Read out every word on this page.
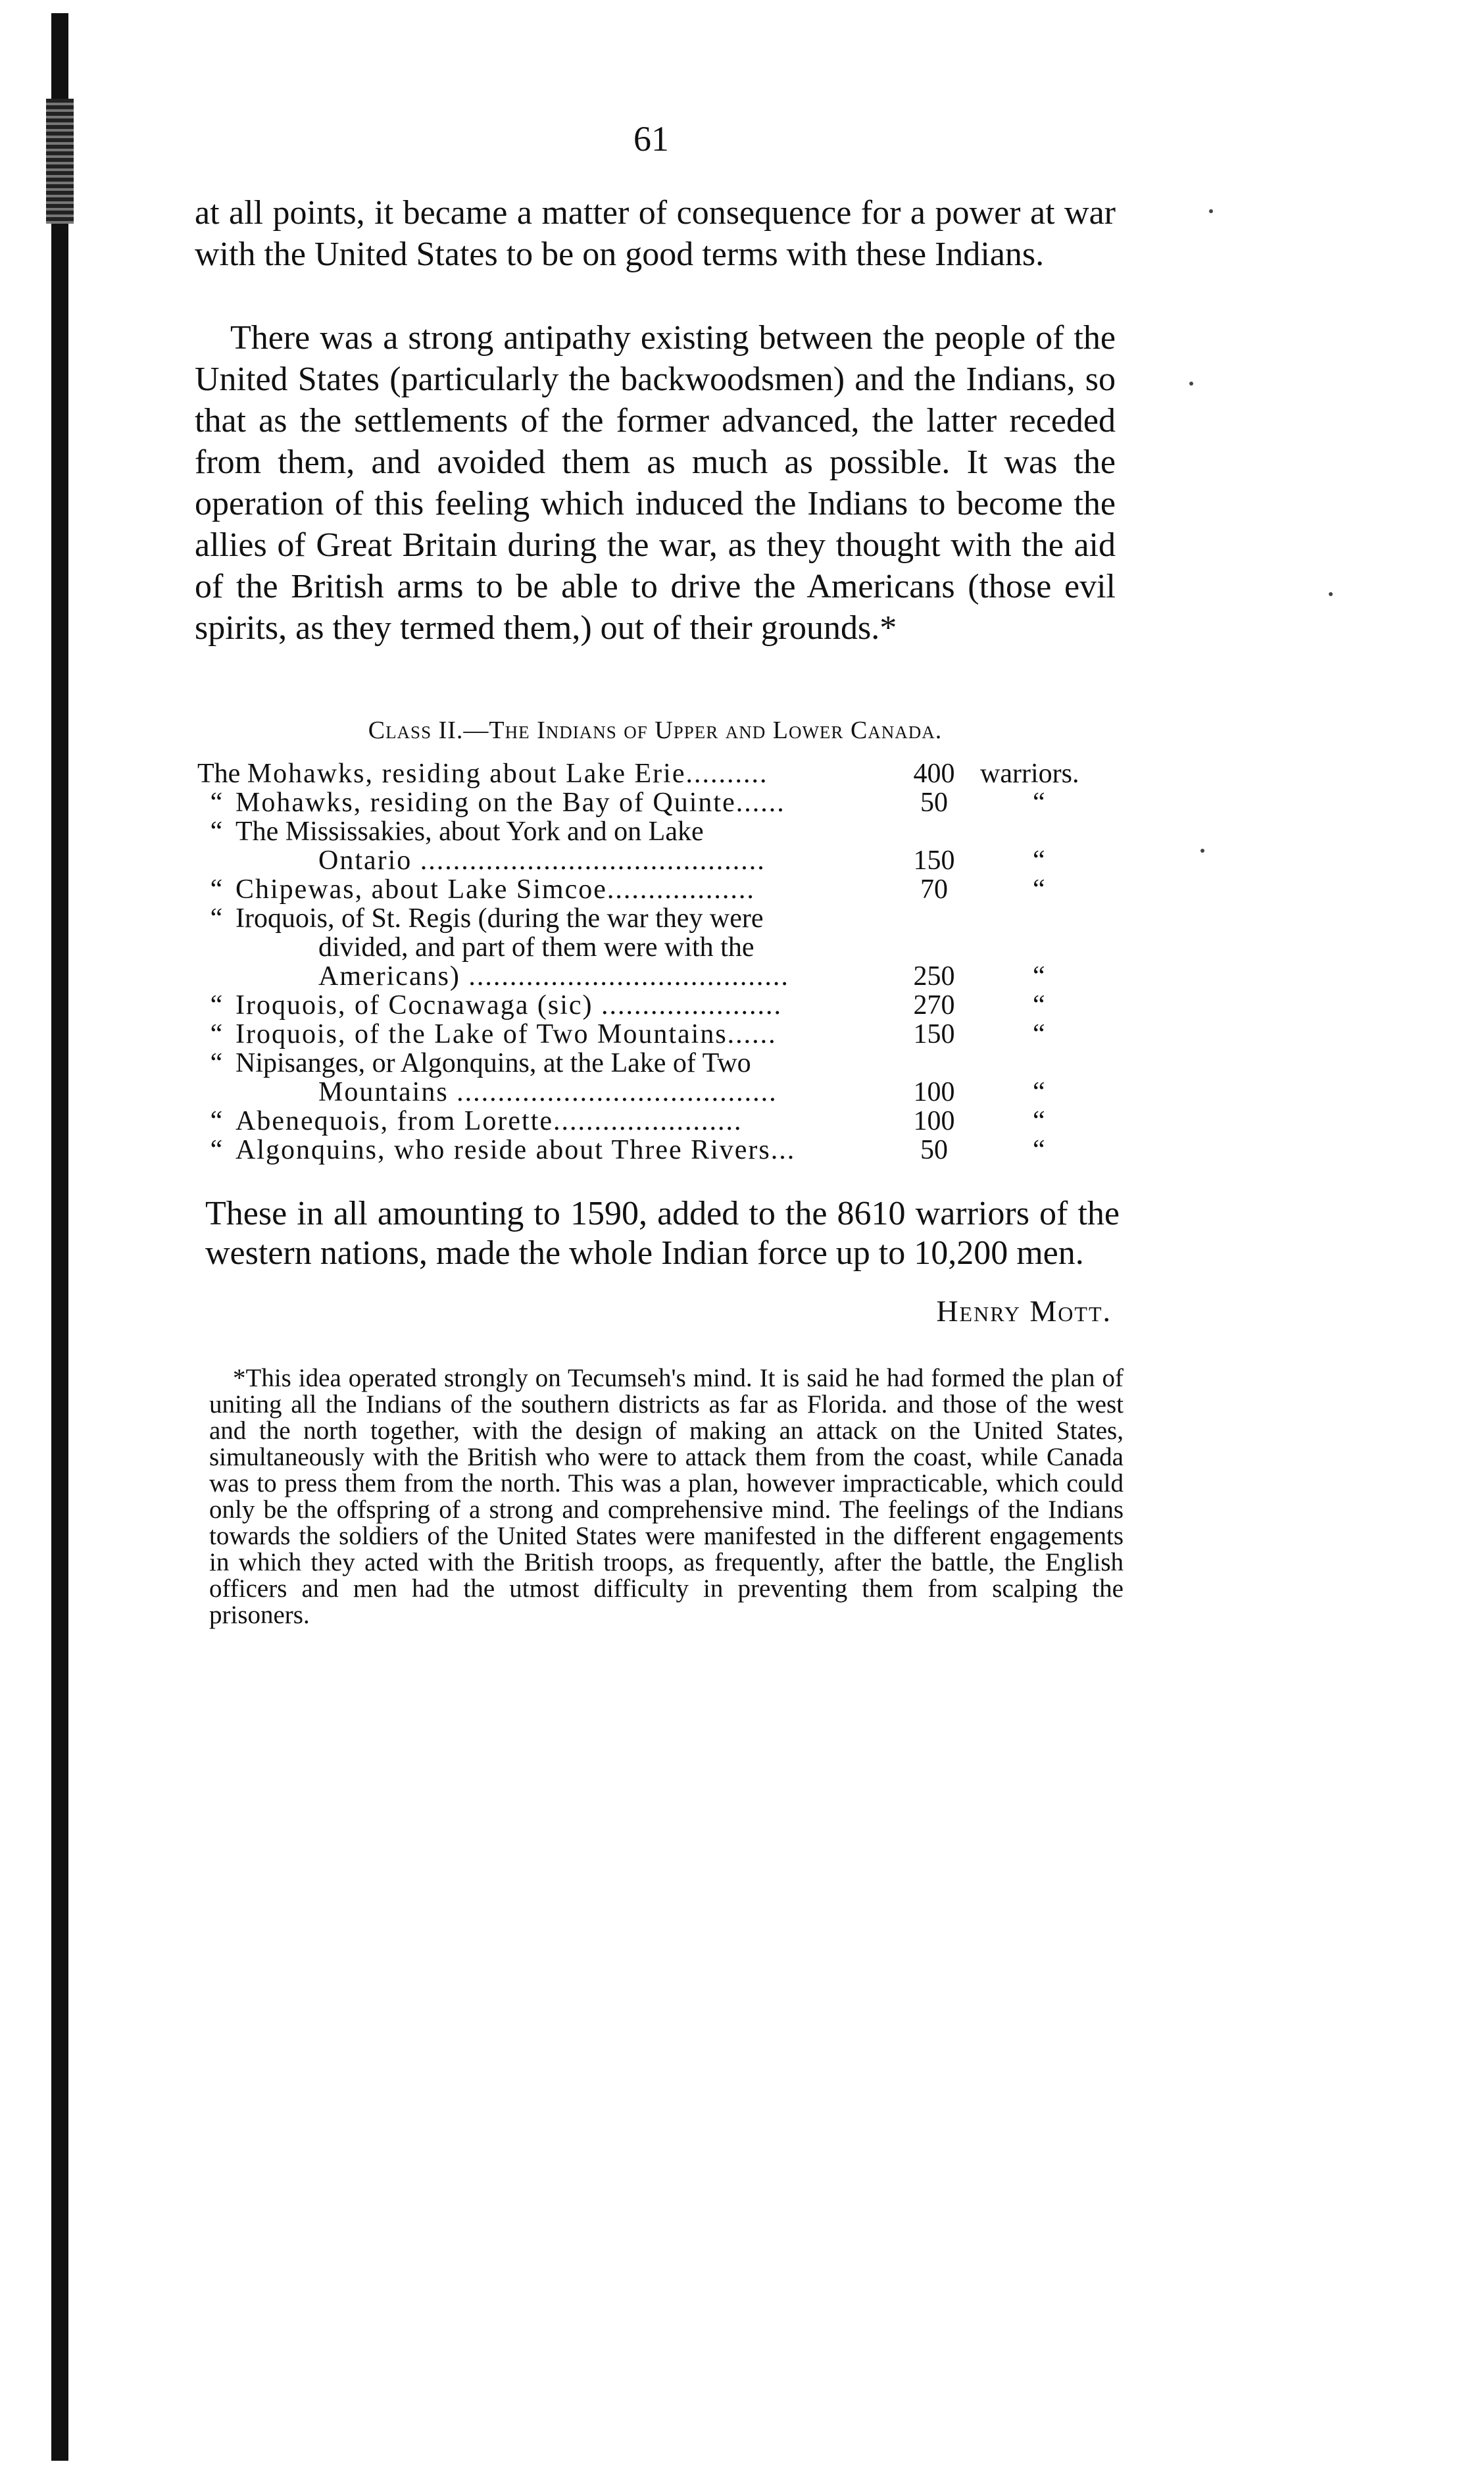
61

at all points, it became a matter of consequence for a power at war with the United States to be on good terms with these Indians.

There was a strong antipathy existing between the people of the United States (particularly the backwoodsmen) and the Indians, so that as the settlements of the former advanced, the latter receded from them, and avoided them as much as possible. It was the operation of this feeling which induced the Indians to become the allies of Great Britain during the war, as they thought with the aid of the British arms to be able to drive the Americans (those evil spirits, as they termed them,) out of their grounds.*

Class II.—The Indians of Upper and Lower Canada.
The Mohawks, residing about Lake Erie..........	400 warriors.
“ Mohawks, residing on the Bay of Quinte......	50	“
“ The Mississakies, about York and on Lake
Ontario ..........................................	150	“
“ Chipewas, about Lake Simcoe..................	70	“
“ Iroquois, of St. Regis (during the war they were
divided, and part of them were with the
Americans) .......................................	250	“
“ Iroquois, of Cocnawaga (sic) ......................	270	“
“ Iroquois, of the Lake of Two Mountains......	150	“
“ Nipisanges, or Algonquins, at the Lake of Two
Mountains .......................................	100	“
“ Abenequois, from Lorette.......................	100	“
“ Algonquins, who reside about Three Rivers...	50	“
These in all amounting to 1590, added to the 8610 warriors of the western nations, made the whole Indian force up to 10,200 men.
Henry Mott.

*This idea operated strongly on Tecumseh's mind. It is said he had formed the plan of uniting all the Indians of the southern districts as far as Florida. and those of the west and the north together, with the design of making an attack on the United States, simultaneously with the British who were to attack them from the coast, while Canada was to press them from the north. This was a plan, however impracticable, which could only be the offspring of a strong and comprehensive mind. The feelings of the Indians towards the soldiers of the United States were manifested in the different engagements in which they acted with the British troops, as frequently, after the battle, the English officers and men had the utmost difficulty in preventing them from scalping the prisoners.
